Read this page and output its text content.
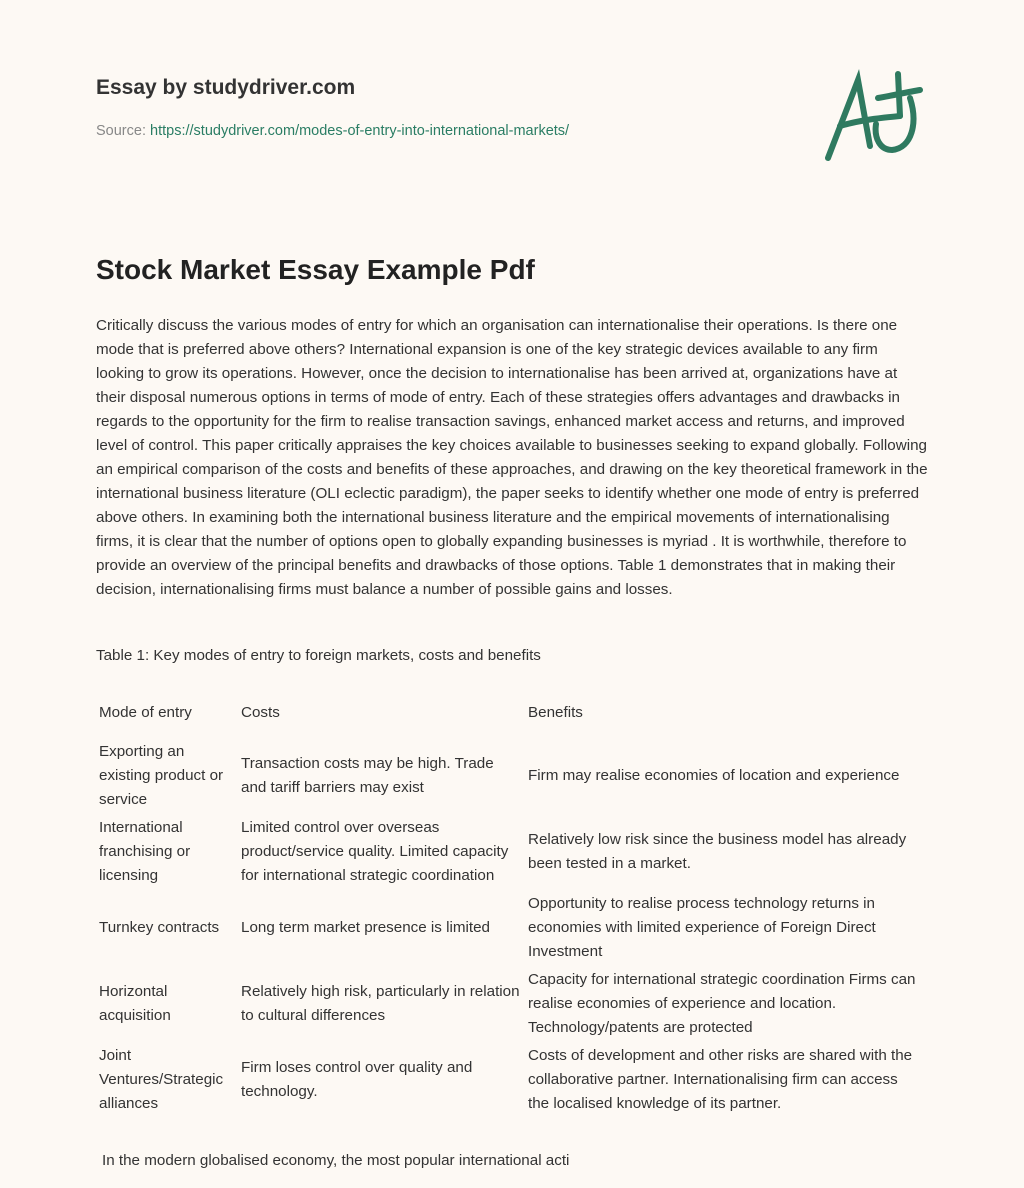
Essay by studydriver.com
Source: https://studydriver.com/modes-of-entry-into-international-markets/
Stock Market Essay Example Pdf

Critically discuss the various modes of entry for which an organisation can internationalise their operations. Is there one mode that is preferred above others? International expansion is one of the key strategic devices available to any firm looking to grow its operations. However, once the decision to internationalise has been arrived at, organizations have at their disposal numerous options in terms of mode of entry. Each of these strategies offers advantages and drawbacks in regards to the opportunity for the firm to realise transaction savings, enhanced market access and returns, and improved level of control. This paper critically appraises the key choices available to businesses seeking to expand globally. Following an empirical comparison of the costs and benefits of these approaches, and drawing on the key theoretical framework in the international business literature (OLI eclectic paradigm), the paper seeks to identify whether one mode of entry is preferred above others. In examining both the international business literature and the empirical movements of internationalising firms, it is clear that the number of options open to globally expanding businesses is myriad . It is worthwhile, therefore to provide an overview of the principal benefits and drawbacks of those options. Table 1 demonstrates that in making their decision, internationalising firms must balance a number of possible gains and losses.

Table 1: Key modes of entry to foreign markets, costs and benefits

Mode of entry	Costs	Benefits

Exporting an existing product or service	Transaction costs may be high. Trade and tariff barriers may exist	Firm may realise economies of location and experience
International franchising or licensing	Limited control over overseas product/service quality. Limited capacity for international strategic coordination	Relatively low risk since the business model has already been tested in a market.
Turnkey contracts	Long term market presence is limited	Opportunity to realise process technology returns in economies with limited experience of Foreign Direct Investment
Horizontal acquisition	Relatively high risk, particularly in relation to cultural differences	Capacity for international strategic coordination Firms can realise economies of experience and location. Technology/patents are protected
Joint Ventures/Strategic alliances	Firm loses control over quality and technology.	Costs of development and other risks are shared with the collaborative partner. Internationalising firm can access the localised knowledge of its partner.

In the modern globalised economy, the most popular international acti
